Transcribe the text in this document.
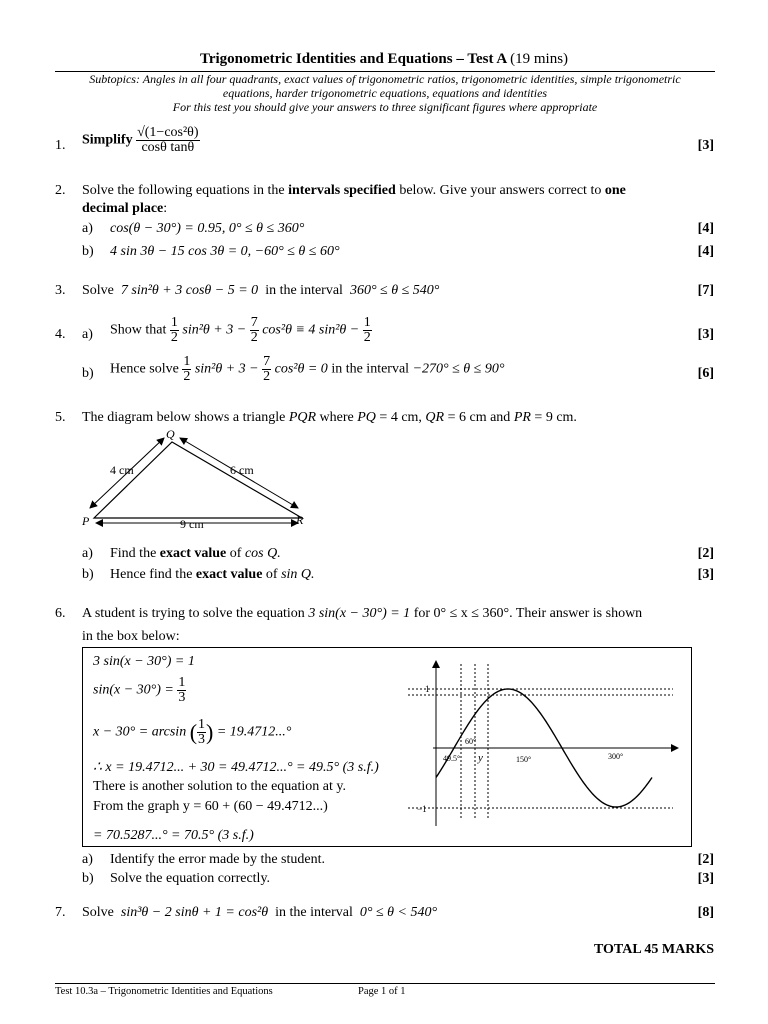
Trigonometric Identities and Equations – Test A (19 mins)
Subtopics: Angles in all four quadrants, exact values of trigonometric ratios, trigonometric identities, simple trigonometric
equations, harder trigonometric equations, equations and identities
For this test you should give your answers to three significant figures where appropriate
1. Simplify $\frac{\text{√(1−cos²θ)}}{\text{cosθ tanθ}}$	[3]
2. Solve the following equations in the intervals specified below. Give your answers correct to one
decimal place:
a) cos(θ − 30°) = 0.95, 0° ≤ θ ≤ 360°	[4]
b) 4 sin 3θ − 15 cos 3θ = 0, −60° ≤ θ ≤ 60°	[4]
3. Solve 7 sin²θ + 3 cosθ − 5 = 0 in the interval 360° ≤ θ ≤ 540°	[7]
4. a) Show that $\frac{1}{2} \sin^2\theta + 3 - \frac{7}{2} \cos^2\theta \equiv 4$ $\sin^2\theta - \frac{1}{2}$	[3]
b) Hence solve $\frac{1}{2} \sin^2\theta + 3 - \frac{7}{2} \cos^2\theta = 0$ in the interval −270° ≤ θ ≤ 90°	[6]
5. The diagram below shows a triangle PQR where PQ = 4 cm, QR = 6 cm and PR = 9 cm.
P
Q
R
4 cm	6 cm
9 cm
a) Find the exact value of cos Q.	[2]
b) Hence find the exact value of sin Q.	[3]
6. A student is trying to solve the equation 3 sin(x − 30°) = 1 for 0° ≤ x ≤ 360°. Their answer is shown
in the box below:
3 sin(x − 30°) = 1
$\sin(x - 30^\circ) = \frac{1}{3}$
x − 30° = arcsin ( $\frac{1}{3}$ ) = 19.4712...°
∴ x = 19.4712... + 30 = 49.4712...° = 49.5° (3 s.f.)
There is another solution to the equation at y.
From the graph y = 60 + (60 − 49.4712...)
= 70.5287...° = 70.5° (3 s.f.)
1
−1
60°
49.5° y	150°	300°
a) Identify the error made by the student.	[2]
b) Solve the equation correctly.	[3]
7. Solve sin³θ − 2 sinθ + 1 = cos²θ in the interval 0° ≤ θ < 540°	[8]
TOTAL 45 MARKS
Test 10.3a – Trigonometric Identities and Equations	Page 1 of 1
